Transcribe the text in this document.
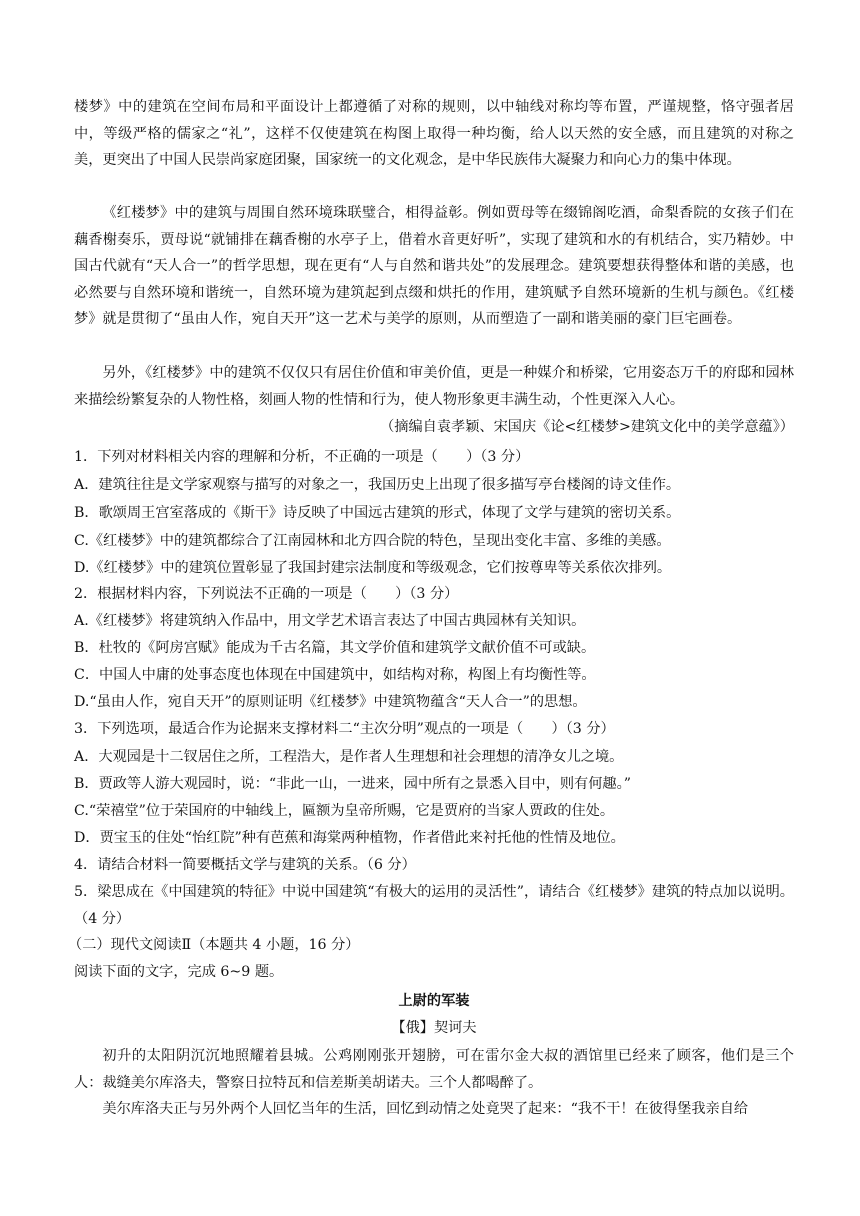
楼梦》中的建筑在空间布局和平面设计上都遵循了对称的规则，以中轴线对称均等布置，严谨规整，恪守强者居中，等级严格的儒家之“礼”，这样不仅使建筑在构图上取得一种均衡，给人以天然的安全感，而且建筑的对称之美，更突出了中国人民崇尚家庭团聚，国家统一的文化观念，是中华民族伟大凝聚力和向心力的集中体现。

《红楼梦》中的建筑与周围自然环境珠联璧合，相得益彰。例如贾母等在缀锦阁吃酒，命梨香院的女孩子们在藕香榭奏乐，贾母说“就铺排在藕香榭的水亭子上，借着水音更好听”，实现了建筑和水的有机结合，实乃精妙。中国古代就有“天人合一”的哲学思想，现在更有“人与自然和谐共处”的发展理念。建筑要想获得整体和谐的美感，也必然要与自然环境和谐统一，自然环境为建筑起到点缀和烘托的作用，建筑赋予自然环境新的生机与颜色。《红楼梦》就是贯彻了“虽由人作，宛自天开”这一艺术与美学的原则，从而塑造了一副和谐美丽的豪门巨宅画卷。

另外，《红楼梦》中的建筑不仅仅只有居住价值和审美价值，更是一种媒介和桥梁，它用姿态万千的府邸和园林来描绘纷繁复杂的人物性格，刻画人物的性情和行为，使人物形象更丰满生动，个性更深入人心。

（摘编自袁孝颖、宋国庆《论<红楼梦>建筑文化中的美学意蕴》）

1．下列对材料相关内容的理解和分析，不正确的一项是（　　）（3 分）

A．建筑往往是文学家观察与描写的对象之一，我国历史上出现了很多描写亭台楼阁的诗文佳作。

B．歌颂周王宫室落成的《斯干》诗反映了中国远古建筑的形式，体现了文学与建筑的密切关系。

C.《红楼梦》中的建筑都综合了江南园林和北方四合院的特色，呈现出变化丰富、多维的美感。

D.《红楼梦》中的建筑位置彰显了我国封建宗法制度和等级观念，它们按尊卑等关系依次排列。

2．根据材料内容，下列说法不正确的一项是（　　）（3 分）

A.《红楼梦》将建筑纳入作品中，用文学艺术语言表达了中国古典园林有关知识。

B．杜牧的《阿房宫赋》能成为千古名篇，其文学价值和建筑学文献价值不可或缺。

C．中国人中庸的处事态度也体现在中国建筑中，如结构对称，构图上有均衡性等。

D.“虽由人作，宛自天开”的原则证明《红楼梦》中建筑物蕴含“天人合一”的思想。

3．下列选项，最适合作为论据来支撑材料二“主次分明”观点的一项是（　　）（3 分）

A．大观园是十二钗居住之所，工程浩大，是作者人生理想和社会理想的清净女儿之境。

B．贾政等人游大观园时，说：“非此一山，一进来，园中所有之景悉入目中，则有何趣。”

C.“荣禧堂”位于荣国府的中轴线上，匾额为皇帝所赐，它是贾府的当家人贾政的住处。

D．贾宝玉的住处“怡红院”种有芭蕉和海棠两种植物，作者借此来衬托他的性情及地位。

4．请结合材料一简要概括文学与建筑的关系。（6 分）

5．梁思成在《中国建筑的特征》中说中国建筑“有极大的运用的灵活性”，请结合《红楼梦》建筑的特点加以说明。（4 分）

（二）现代文阅读Ⅱ（本题共 4 小题，16 分）

阅读下面的文字，完成 6~9 题。

上尉的军装

【俄】契诃夫

初升的太阳阴沉沉地照耀着县城。公鸡刚刚张开翅膀，可在雷尔金大叔的酒馆里已经来了顾客，他们是三个人：裁缝美尔库洛夫，警察日拉特瓦和信差斯美胡诺夫。三个人都喝醉了。

美尔库洛夫正与另外两个人回忆当年的生活，回忆到动情之处竟哭了起来：“我不干！在彼得堡我亲自给
